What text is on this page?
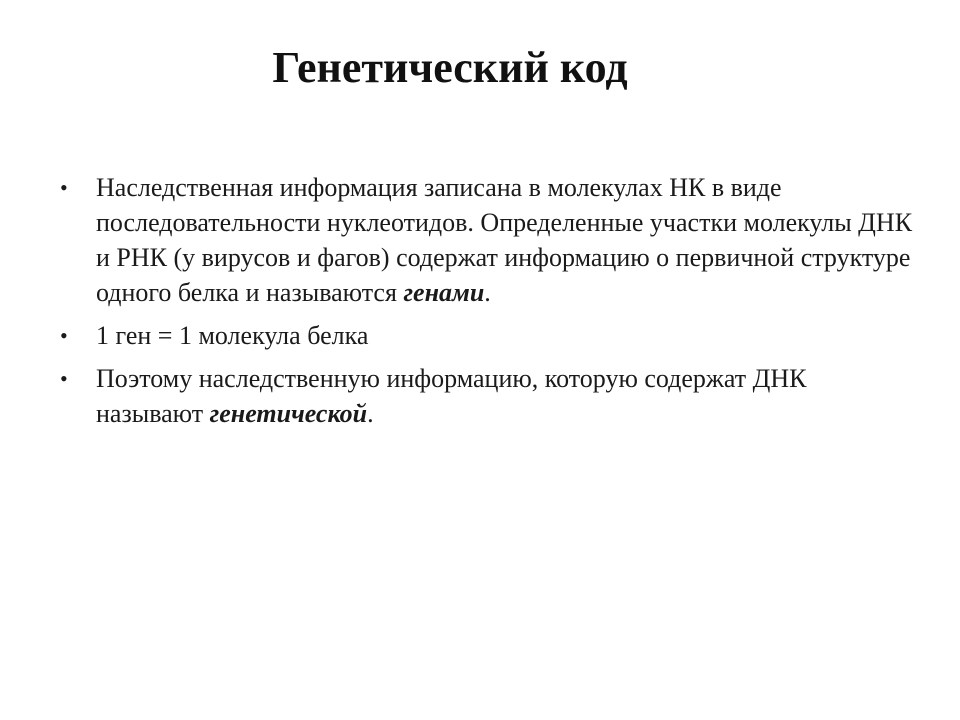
Генетический код
• Наследственная информация записана в молекулах НК в виде последовательности нуклеотидов. Определенные участки молекулы ДНК и РНК (у вирусов и фагов) содержат информацию о первичной структуре одного белка и называются генами.
• 1 ген = 1 молекула белка
• Поэтому наследственную информацию, которую содержат ДНК называют генетической.
